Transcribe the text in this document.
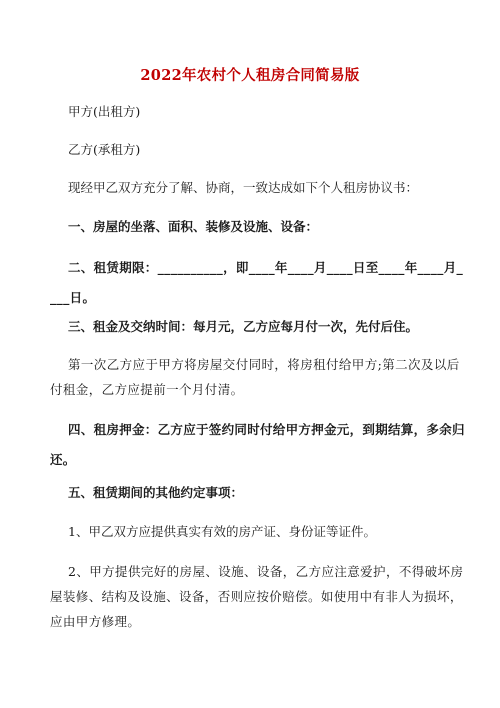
2022年农村个人租房合同简易版

甲方(出租方)

乙方(承租方)

现经甲乙双方充分了解、协商，一致达成如下个人租房协议书：

一、房屋的坐落、面积、装修及设施、设备：

二、租赁期限：__________，即____年____月____日至____年____月____日。

三、租金及交纳时间：每月元，乙方应每月付一次，先付后住。

第一次乙方应于甲方将房屋交付同时，将房租付给甲方;第二次及以后付租金，乙方应提前一个月付清。

四、租房押金：乙方应于签约同时付给甲方押金元，到期结算，多余归还。

五、租赁期间的其他约定事项：

1、甲乙双方应提供真实有效的房产证、身份证等证件。

2、甲方提供完好的房屋、设施、设备，乙方应注意爱护，不得破坏房屋装修、结构及设施、设备，否则应按价赔偿。如使用中有非人为损坏，应由甲方修理。
